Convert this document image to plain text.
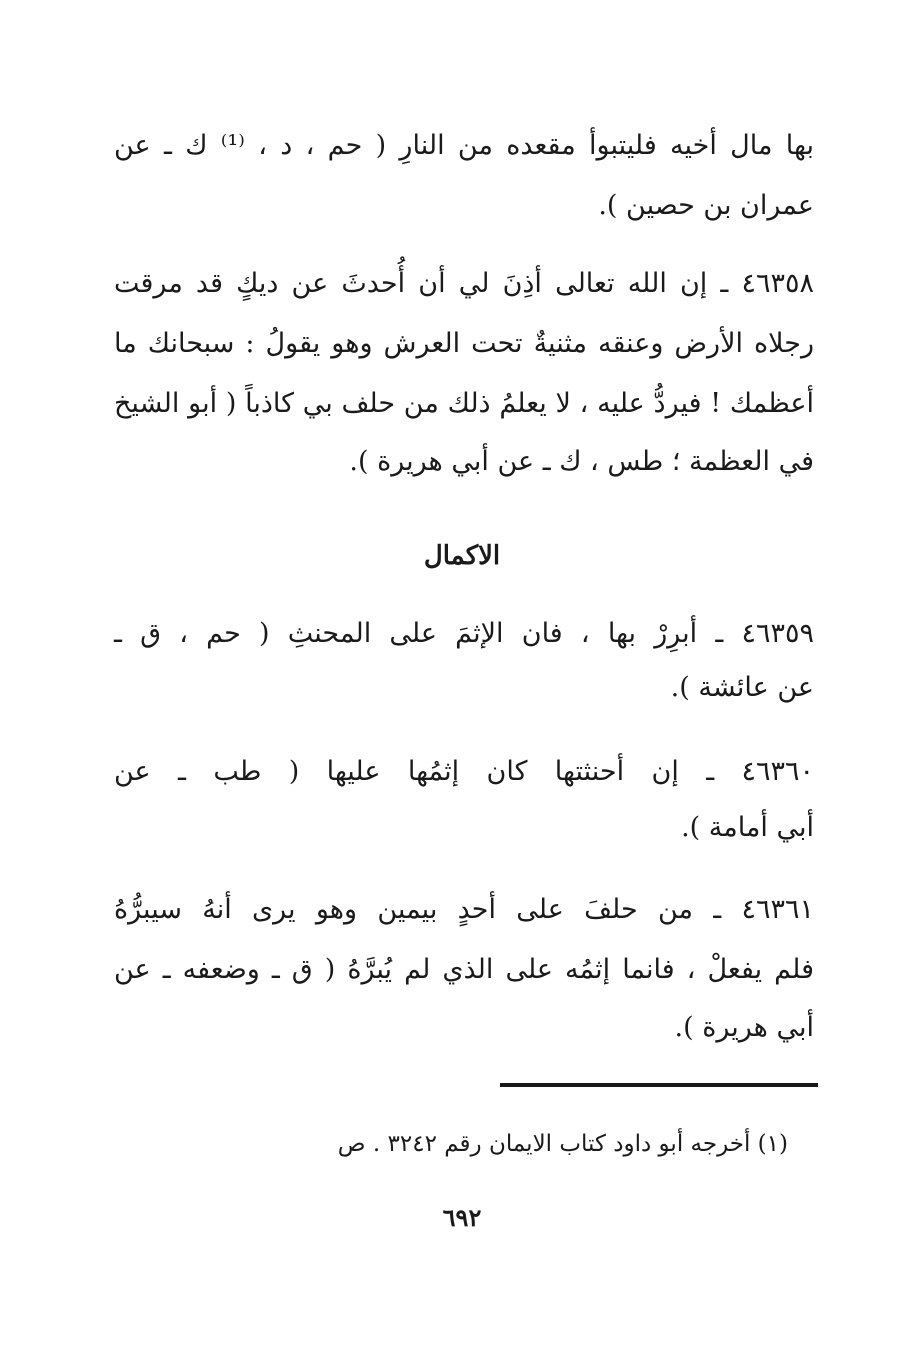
بها مال أخيه فليتبوأ مقعده من النارِ ( حم ، د ، ⁽¹⁾ ك ـ عن
عمران بن حصين ).
٤٦٣٥٨ ـ إن الله تعالى أذِنَ لي أن أُحدثَ عن ديكٍ قد مرقت
رجلاه الأرض وعنقه مثنيةٌ تحت العرش وهو يقولُ : سبحانك ما
أعظمك ! فيردُّ عليه ، لا يعلمُ ذلك من حلف بي كاذباً ( أبو الشيخ
في العظمة ؛ طس ، ك ـ عن أبي هريرة ).
الاكمال
٤٦٣٥٩ ـ أبرِرْ بها ، فان الإثمَ على المحنثِ ( حم ، ق ـ
عن عائشة ).
٤٦٣٦٠ ـ إن أحنثتها كان إثمُها عليها ( طب ـ عن
أبي أمامة ).
٤٦٣٦١ ـ من حلفَ على أحدٍ بيمين وهو يرى أنهُ سيبرُّهُ
فلم يفعلْ ، فانما إثمُه على الذي لم يُبرَّهُ ( ق ـ وضعفه ـ عن
أبي هريرة ).
(١) أخرجه أبو داود كتاب الايمان رقم ٣٢٤٢ . ص
٦٩٢
